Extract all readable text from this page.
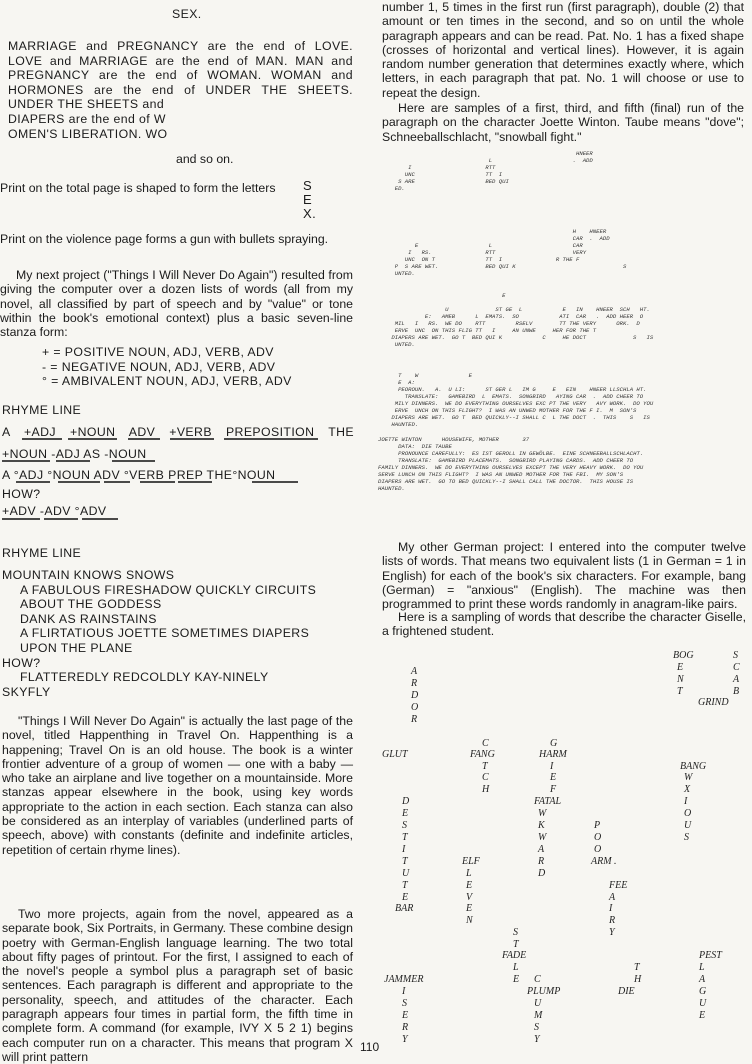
SEX.
MARRIAGE and PREGNANCY are the end of LOVE.
LOVE and MARRIAGE are the end of MAN. MAN and
PREGNANCY are the end of WOMAN. WOMAN and
HORMONES are the end of UNDER THE SHEETS.
UNDER THE SHEETS and
DIAPERS are the end of W
OMEN'S LIBERATION. WO
and so on.
Print on the total page is shaped to form the letters S
E
X.
Print on the violence page forms a gun with bullets spraying.
My next project ("Things I Will Never Do Again") resulted from giving the computer over a dozen lists of words (all from my novel, all classified by part of speech and by "value" or tone within the book's emotional context) plus a basic seven-line stanza form:
+ = POSITIVE NOUN, ADJ, VERB, ADV
- = NEGATIVE NOUN, ADJ, VERB, ADV
° = AMBIVALENT NOUN, ADJ, VERB, ADV
RHYME LINE
A +ADJ +NOUN ADV +VERB PREPOSITION THE
+NOUN -ADJ AS -NOUN
A °ADJ °NOUN ADV °VERB PREP THE°NOUN
HOW?
+ADV -ADV °ADV
RHYME LINE
MOUNTAIN KNOWS SNOWS
A FABULOUS FIRESHADOW QUICKLY CIRCUITS
ABOUT THE GODDESS
DANK AS RAINSTAINS
A FLIRTATIOUS JOETTE SOMETIMES DIAPERS
UPON THE PLANE
HOW?
FLATTEREDLY REDCOLDLY KAY-NINELY
SKYFLY
"Things I Will Never Do Again" is actually the last page of the novel, titled Happenthing in Travel On. Happenthing is a happening; Travel On is an old house. The book is a winter frontier adventure of a group of women — one with a baby — who take an airplane and live together on a mountainside. More stanzas appear elsewhere in the book, using key words appropriate to the action in each section. Each stanza can also be considered as an interplay of variables (underlined parts of speech, above) with constants (definite and indefinite articles, repetition of certain rhyme lines).
Two more projects, again from the novel, appeared as a separate book, Six Portraits, in Germany. These combine design poetry with German-English language learning. The two total about fifty pages of printout. For the first, I assigned to each of the novel's people a symbol plus a paragraph set of basic sentences. Each paragraph is different and appropriate to the personality, speech, and attitudes of the character. Each paragraph appears four times in partial form, the fifth time in complete form. A command (for example, IVY X 5 2 1) begins each computer run on a character. This means that program X will print pattern
number 1, 5 times in the first run (first paragraph), double (2) that amount or ten times in the second, and so on until the whole paragraph appears and can be read. Pat. No. 1 has a fixed shape (crosses of horizontal and vertical lines). However, it is again random number generation that determines exactly where, which letters, in each paragraph that pat. No. 1 will choose or use to repeat the design.
Here are samples of a first, third, and fifth (final) run of the paragraph on the character Joette Winton. Taube means "dove"; Schneeballschlacht, "snowball fight."
HNEER
L                        .  ADD
I                      RTT
UNC                     TT  I
S ARE                     BED QUI
ED.
H    HNEER
CAR  .  ADD
E                     L                        CAR
I   RS.                RTT                       VERY
UNC  ON T               TT  I                R THE F
P  S ARE WET.              BED QUI K                                S
UNTED.
E

U              ST GE  L            E   IN    HNEER  SCH   HT.
E:   AMEB      L  EMATS.  SO            ATI  CAR   .  ADD HEER  O
MIL   I   RS.  WE DO    RTT         RSELV        TT THE VERY      ORK.  D
ERVE  UNC  ON THIS FLIG TT   I     AN UNWE     HER FOR THE T
DIAPERS ARE WET.  GO T  BED QUI K            C     HE DOCT              S   IS
UNTED.
T    W               E
E  A:
PEOROUN.   A.  U LI:      ST GER L   IM G     E   EIN    HNEER LLSCHLA HT.
TRANSLATE:   GAMEBIRD  L  EMATS.  SONGBIRD   AYING CAR  .  ADD CHEER TO
MILY DINNERS.  WE DO EVERYTHING OURSELVES EXC PT THE VERY   AVY WORK.  DO YOU
ERVE  UNCH ON THIS FLIGHT?  I WAS AN UNWED MOTHER FOR THE F I.  M  SON'S
DIAPERS ARE WET.  GO T  BED QUICKLY--I SHALL C  L THE DOCT  .  THIS    S   IS
HAUNTED.
JOETTE WINTON      HOUSEWIFE, MOTHER       37
DATA:  DIE TAUBE
PRONOUNCE CAREFULLY:  ES IST GEROLL IN GEWÖLBE.  EINE SCHNEEBALLSCHLACHT.
TRANSLATE:  GAMEBIRD PLACEMATS.  SONGBIRD PLAYING CARDS.  ADD CHEER TO
FAMILY DINNERS.  WE DO EVERYTHING OURSELVES EXCEPT THE VERY HEAVY WORK.  DO YOU
SERVE LUNCH ON THIS FLIGHT?  I WAS AN UNWED MOTHER FOR THE FBI.  MY SON'S
DIAPERS ARE WET.  GO TO BED QUICKLY--I SHALL CALL THE DOCTOR.  THIS HOUSE IS
HAUNTED.
My other German project: I entered into the computer twelve lists of words. That means two equivalent lists (1 in German = 1 in English) for each of the book's six characters. For example, bang (German) = "anxious" (English). The machine was then programmed to print these words randomly in anagram-like pairs.
Here is a sampling of words that describe the character Giselle, a frightened student.
BOG	S
E	C
N	A
T	B
GRIND
A
R
D
O
R
C	G
GLUT	FANG	HARM
T	I	BANG
C	E	W
H	F	X
D	FATAL	I
E	W	O
S	K	P	U
T	W	O	S
I	A	O
T	ELF	R	ARM .
U	L	D
T	E	FEE
E	V	A
BAR	E	I
N	R
S	Y
T
FADE	PEST
L	T	L
JAMMER	E C	H	A
I	PLUMP	DIE	G
S	U	U
E	M	E
R	S
Y	Y
110
